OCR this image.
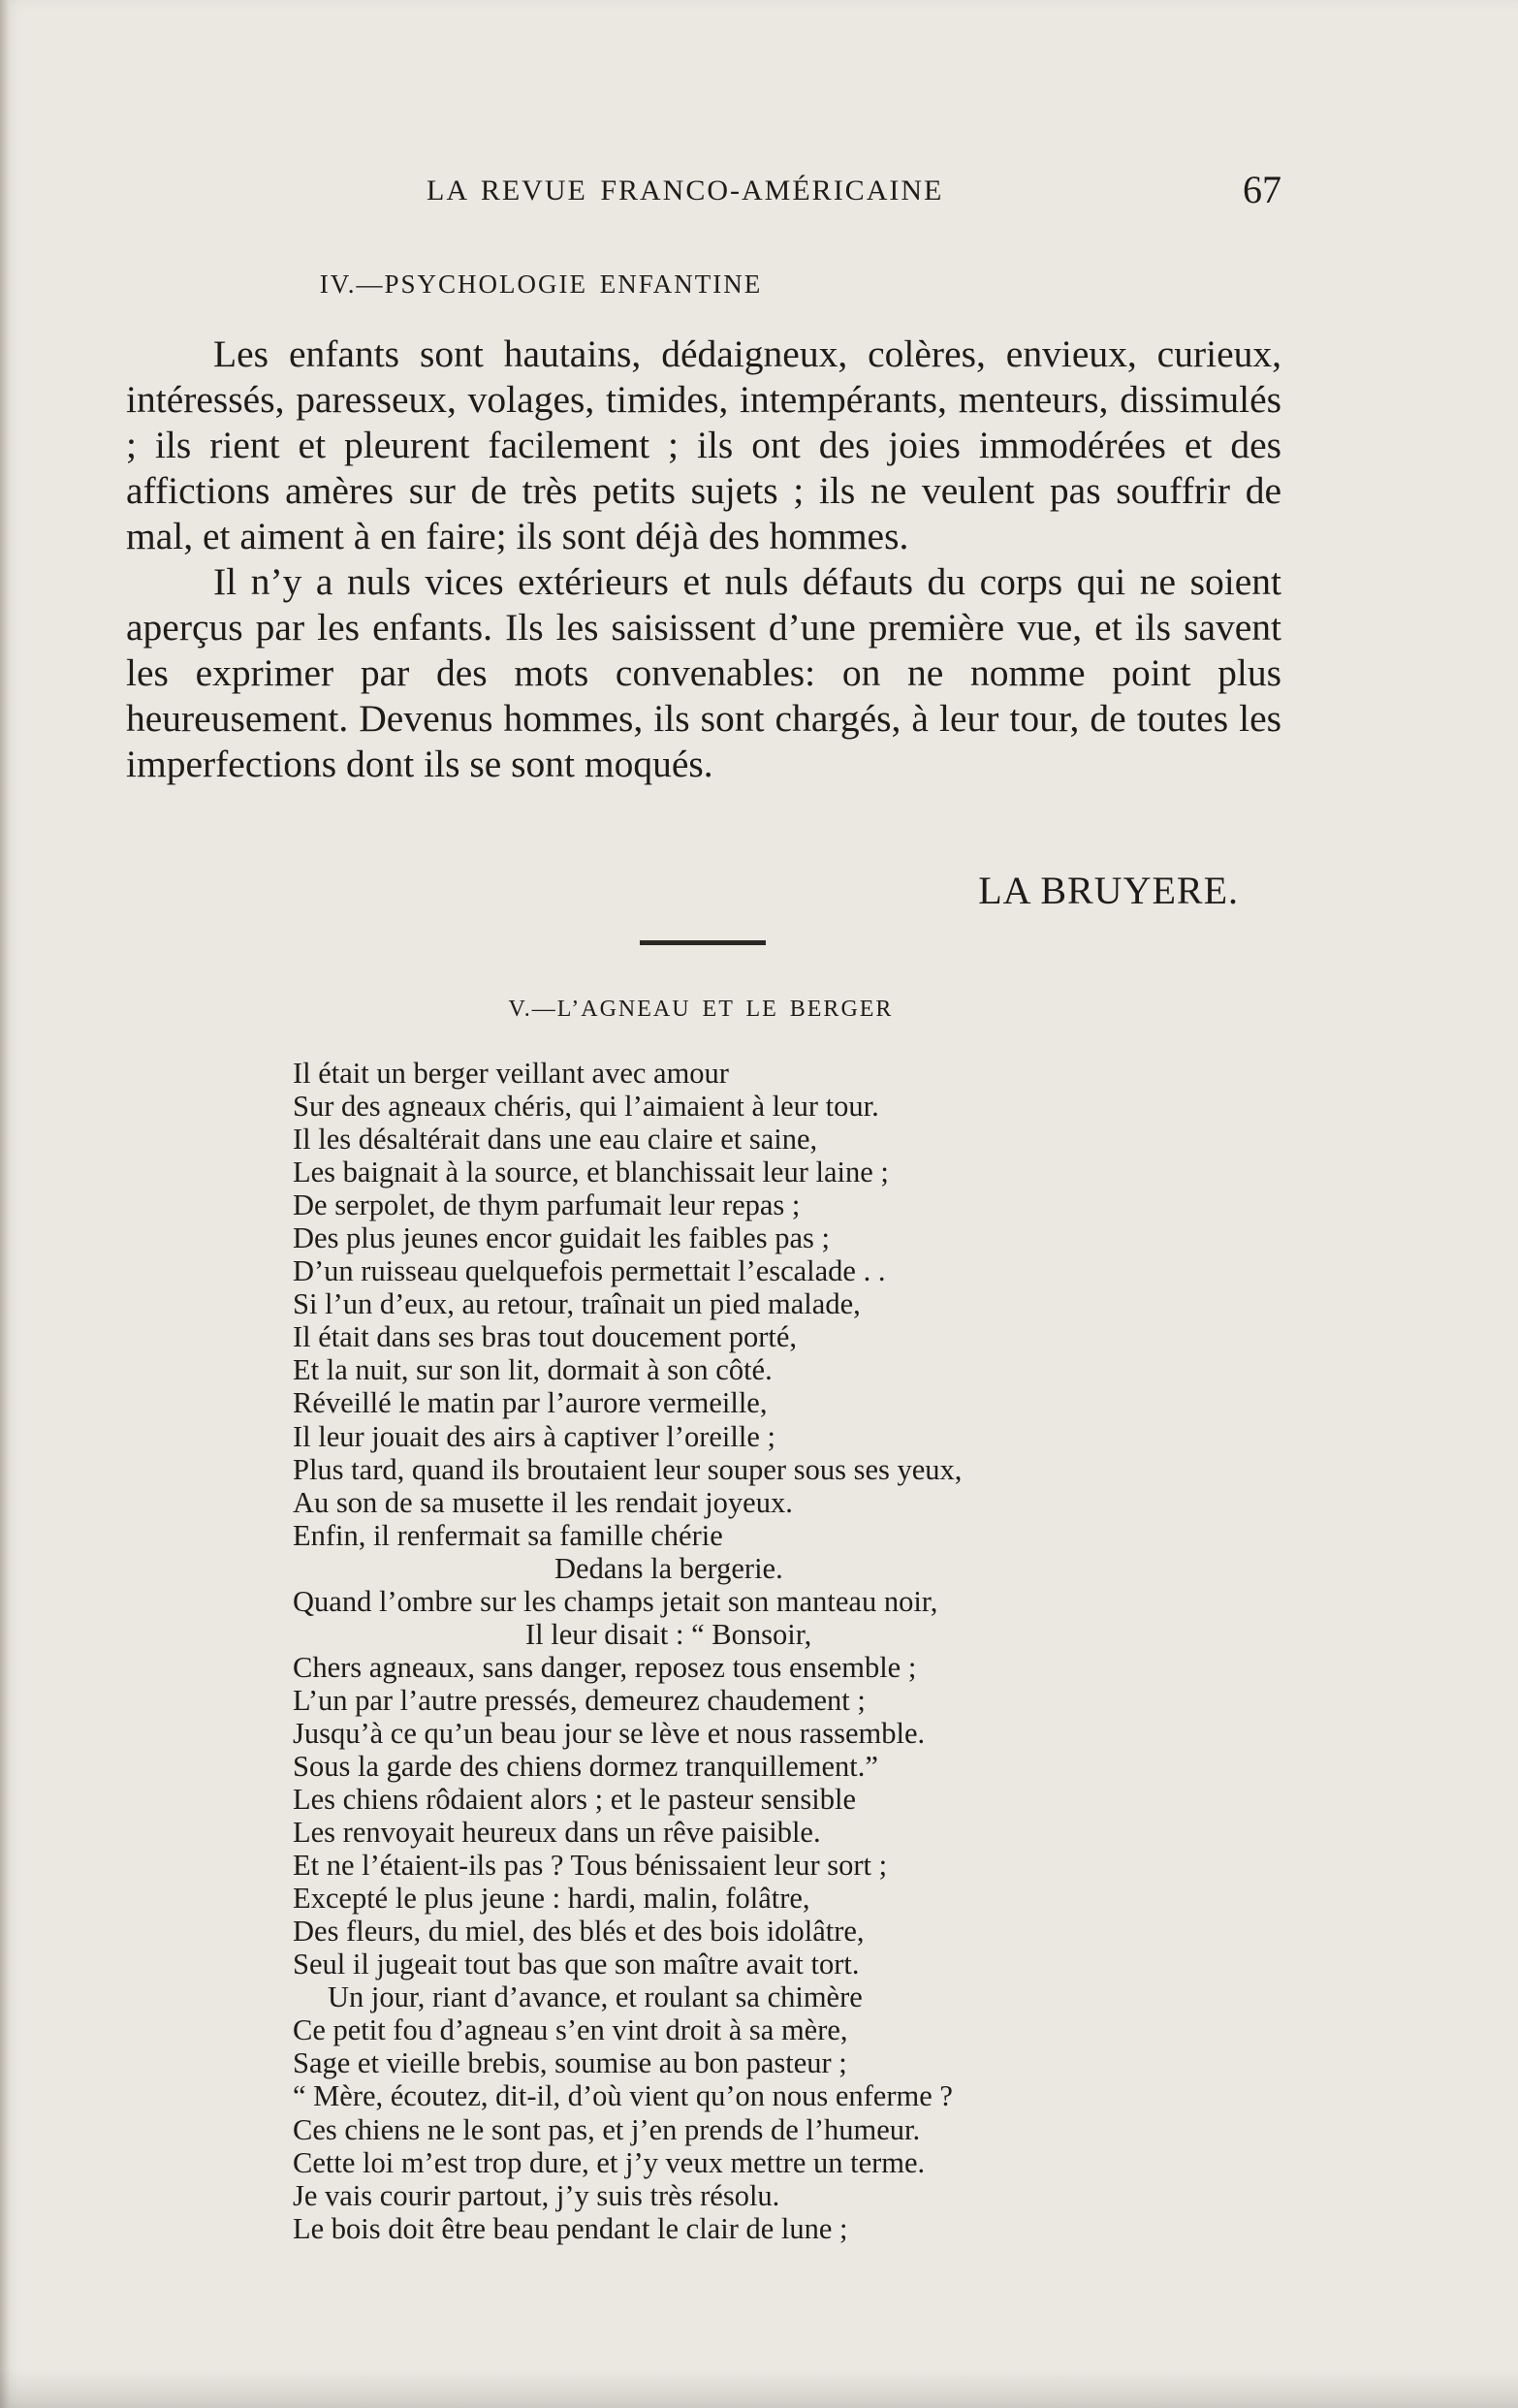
LA REVUE FRANCO-AMÉRICAINE	67
IV.—PSYCHOLOGIE ENFANTINE

Les enfants sont hautains, dédaigneux, colères, envieux, curieux, intéressés, paresseux, volages, timides, intempérants, menteurs, dissimulés ; ils rient et pleurent facilement ; ils ont des joies immodérées et des affictions amères sur de très petits sujets ; ils ne veulent pas souffrir de mal, et aiment à en faire; ils sont déjà des hommes.

Il n’y a nuls vices extérieurs et nuls défauts du corps qui ne soient aperçus par les enfants. Ils les saisissent d’une première vue, et ils savent les exprimer par des mots convenables: on ne nomme point plus heureusement. Devenus hommes, ils sont chargés, à leur tour, de toutes les imperfections dont ils se sont moqués.

LA BRUYERE.
V.—L’AGNEAU ET LE BERGER
Il était un berger veillant avec amour
Sur des agneaux chéris, qui l’aimaient à leur tour.
Il les désaltérait dans une eau claire et saine,
Les baignait à la source, et blanchissait leur laine ;
De serpolet, de thym parfumait leur repas ;
Des plus jeunes encor guidait les faibles pas ;
D’un ruisseau quelquefois permettait l’escalade . .
Si l’un d’eux, au retour, traînait un pied malade,
Il était dans ses bras tout doucement porté,
Et la nuit, sur son lit, dormait à son côté.
Réveillé le matin par l’aurore vermeille,
Il leur jouait des airs à captiver l’oreille ;
Plus tard, quand ils broutaient leur souper sous ses yeux,
Au son de sa musette il les rendait joyeux.
Enfin, il renfermait sa famille chérie
Dedans la bergerie.
Quand l’ombre sur les champs jetait son manteau noir,
Il leur disait : “ Bonsoir,
Chers agneaux, sans danger, reposez tous ensemble ;
L’un par l’autre pressés, demeurez chaudement ;
Jusqu’à ce qu’un beau jour se lève et nous rassemble.
Sous la garde des chiens dormez tranquillement.”
Les chiens rôdaient alors ; et le pasteur sensible
Les renvoyait heureux dans un rêve paisible.
Et ne l’étaient-ils pas ? Tous bénissaient leur sort ;
Excepté le plus jeune : hardi, malin, folâtre,
Des fleurs, du miel, des blés et des bois idolâtre,
Seul il jugeait tout bas que son maître avait tort.
Un jour, riant d’avance, et roulant sa chimère
Ce petit fou d’agneau s’en vint droit à sa mère,
Sage et vieille brebis, soumise au bon pasteur ;
“ Mère, écoutez, dit-il, d’où vient qu’on nous enferme ?
Ces chiens ne le sont pas, et j’en prends de l’humeur.
Cette loi m’est trop dure, et j’y veux mettre un terme.
Je vais courir partout, j’y suis très résolu.
Le bois doit être beau pendant le clair de lune ;
